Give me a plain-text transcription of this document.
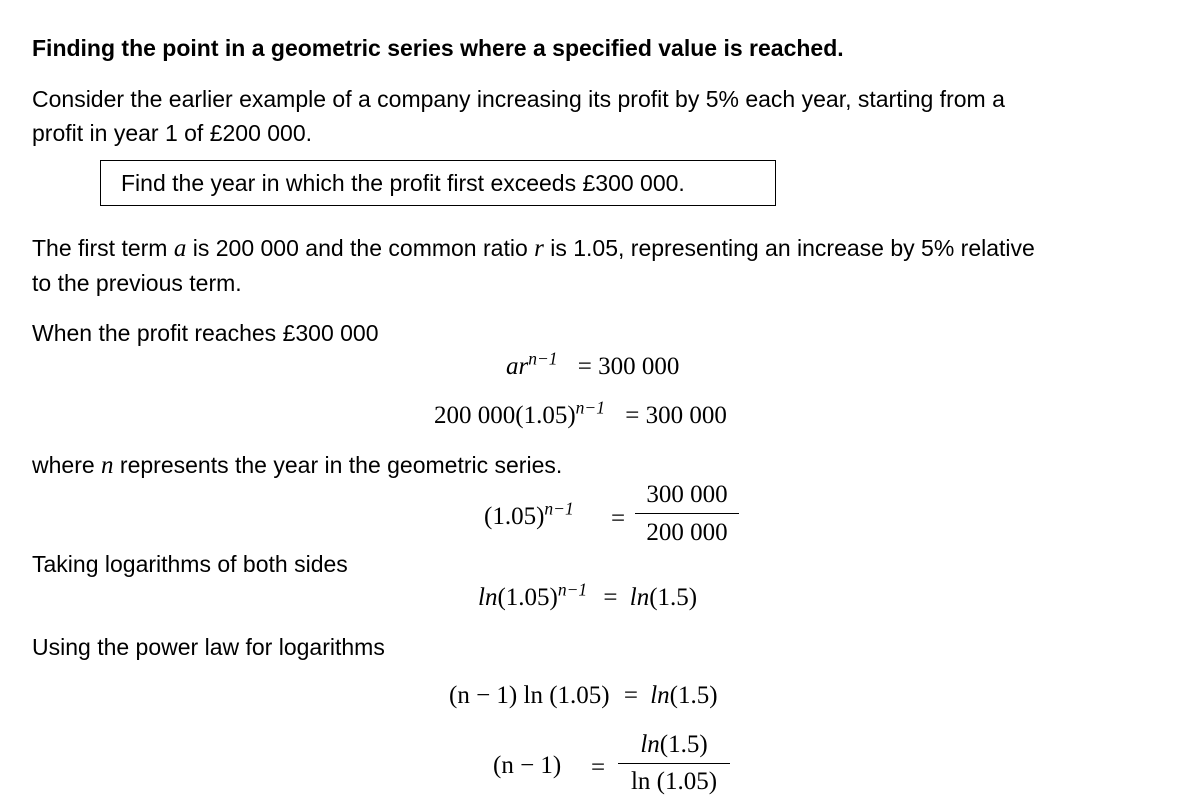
Finding the point in a geometric series where a specified value is reached.
Consider the earlier example of a company increasing its profit by 5% each year, starting from a
profit in year 1 of £200 000.
Find the year in which the profit first exceeds £300 000.
The first term a is 200 000 and the common ratio r is 1.05, representing an increase by 5% relative
to the previous term.
When the profit reaches £300 000
$ar^{n-1} = 300$ 000
200 $000(1.05)^{n-1} = 300$ 000
where n represents the year in the geometric series.
$(1.05)^{n-1}$ =
300 000
200 000
Taking logarithms of both sides
$\ln(1.05)^{n-1} = \ln(1.5)$
Using the power law for logarithms
(n − 1) ln (1.05) = ln(1.5)
(n − 1) =
ln(1.5)
ln (1.05)
